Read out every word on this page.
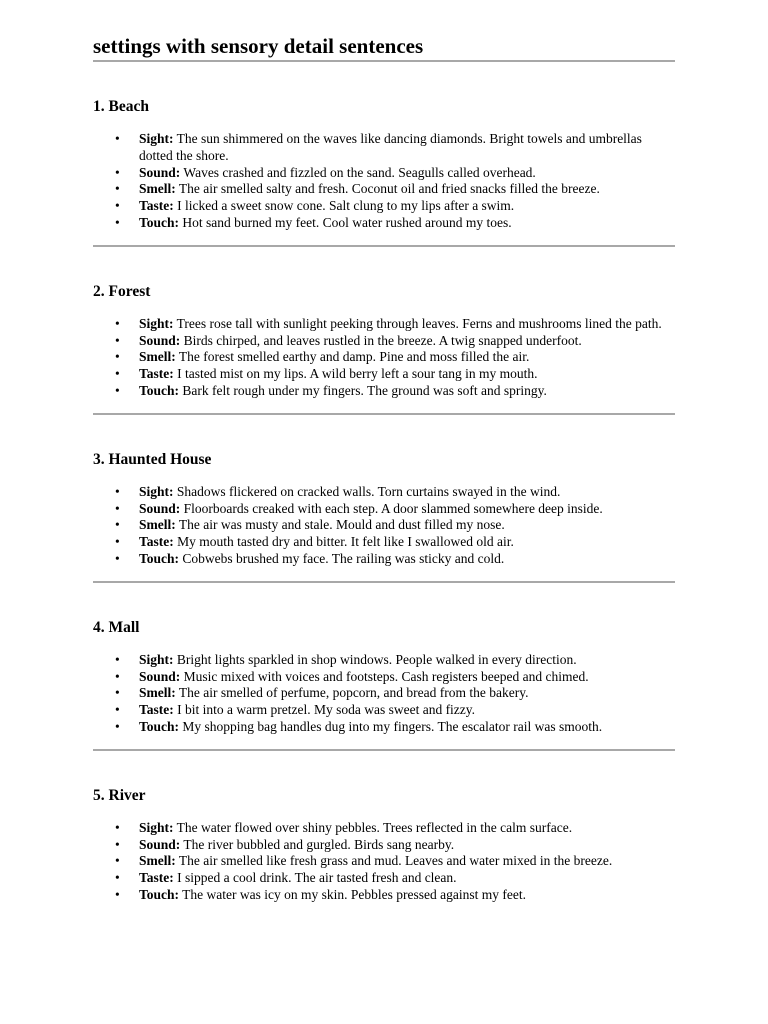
settings with sensory detail sentences
1. Beach
• Sight: The sun shimmered on the waves like dancing diamonds. Bright towels and umbrellas dotted the shore.
• Sound: Waves crashed and fizzled on the sand. Seagulls called overhead.
• Smell: The air smelled salty and fresh. Coconut oil and fried snacks filled the breeze.
• Taste: I licked a sweet snow cone. Salt clung to my lips after a swim.
• Touch: Hot sand burned my feet. Cool water rushed around my toes.
2. Forest
• Sight: Trees rose tall with sunlight peeking through leaves. Ferns and mushrooms lined the path.
• Sound: Birds chirped, and leaves rustled in the breeze. A twig snapped underfoot.
• Smell: The forest smelled earthy and damp. Pine and moss filled the air.
• Taste: I tasted mist on my lips. A wild berry left a sour tang in my mouth.
• Touch: Bark felt rough under my fingers. The ground was soft and springy.
3. Haunted House
• Sight: Shadows flickered on cracked walls. Torn curtains swayed in the wind.
• Sound: Floorboards creaked with each step. A door slammed somewhere deep inside.
• Smell: The air was musty and stale. Mould and dust filled my nose.
• Taste: My mouth tasted dry and bitter. It felt like I swallowed old air.
• Touch: Cobwebs brushed my face. The railing was sticky and cold.
4. Mall
• Sight: Bright lights sparkled in shop windows. People walked in every direction.
• Sound: Music mixed with voices and footsteps. Cash registers beeped and chimed.
• Smell: The air smelled of perfume, popcorn, and bread from the bakery.
• Taste: I bit into a warm pretzel. My soda was sweet and fizzy.
• Touch: My shopping bag handles dug into my fingers. The escalator rail was smooth.
5. River
• Sight: The water flowed over shiny pebbles. Trees reflected in the calm surface.
• Sound: The river bubbled and gurgled. Birds sang nearby.
• Smell: The air smelled like fresh grass and mud. Leaves and water mixed in the breeze.
• Taste: I sipped a cool drink. The air tasted fresh and clean.
• Touch: The water was icy on my skin. Pebbles pressed against my feet.
